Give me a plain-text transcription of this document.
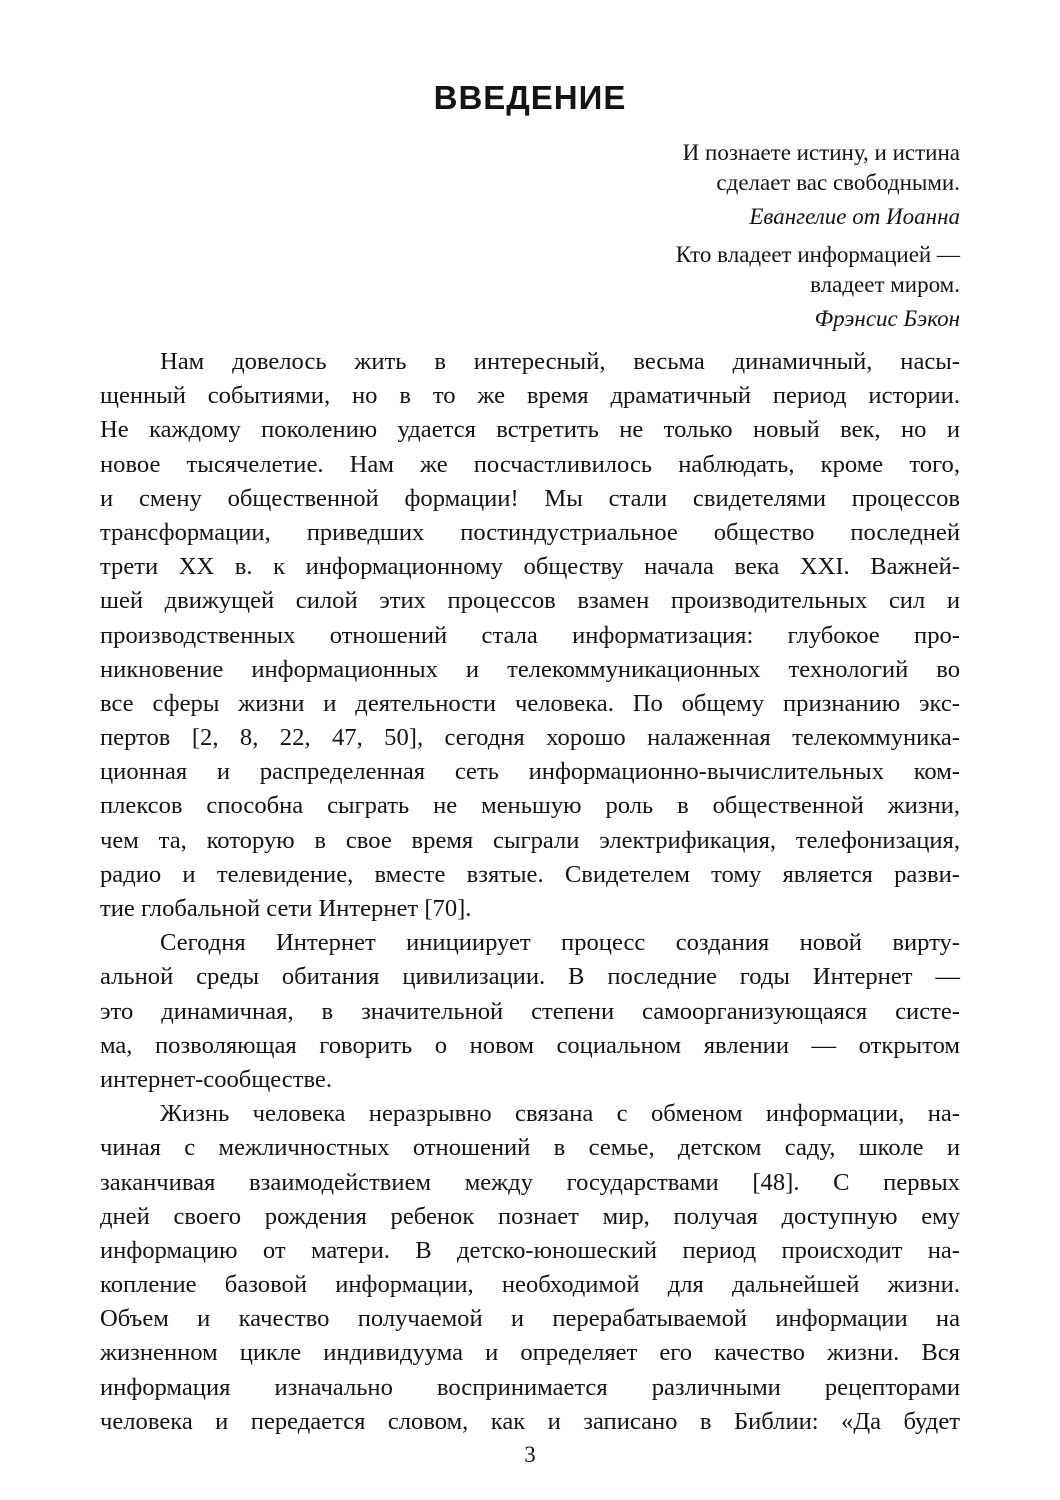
ВВЕДЕНИЕ
И познаете истину, и истина
сделает вас свободными.
Евангелие от Иоанна
Кто владеет информацией —
владеет миром.
Фрэнсис Бэкон
Нам довелось жить в интересный, весьма динамичный, насы-
щенный событиями, но в то же время драматичный период истории.
Не каждому поколению удается встретить не только новый век, но и
новое тысячелетие. Нам же посчастливилось наблюдать, кроме того,
и смену общественной формации! Мы стали свидетелями процессов
трансформации, приведших постиндустриальное общество последней
трети XX в. к информационному обществу начала века XXI. Важней-
шей движущей силой этих процессов взамен производительных сил и
производственных отношений стала информатизация: глубокое про-
никновение информационных и телекоммуникационных технологий во
все сферы жизни и деятельности человека. По общему признанию экс-
пертов [2, 8, 22, 47, 50], сегодня хорошо налаженная телекоммуника-
ционная и распределенная сеть информационно-вычислительных ком-
плексов способна сыграть не меньшую роль в общественной жизни,
чем та, которую в свое время сыграли электрификация, телефонизация,
радио и телевидение, вместе взятые. Свидетелем тому является разви-
тие глобальной сети Интернет [70].
Сегодня Интернет инициирует процесс создания новой вирту-
альной среды обитания цивилизации. В последние годы Интернет —
это динамичная, в значительной степени самоорганизующаяся систе-
ма, позволяющая говорить о новом социальном явлении — открытом
интернет-сообществе.
Жизнь человека неразрывно связана с обменом информации, на-
чиная с межличностных отношений в семье, детском саду, школе и
заканчивая взаимодействием между государствами [48]. С первых
дней своего рождения ребенок познает мир, получая доступную ему
информацию от матери. В детско-юношеский период происходит на-
копление базовой информации, необходимой для дальнейшей жизни.
Объем и качество получаемой и перерабатываемой информации на
жизненном цикле индивидуума и определяет его качество жизни. Вся
информация изначально воспринимается различными рецепторами
человека и передается словом, как и записано в Библии: «Да будет
3
